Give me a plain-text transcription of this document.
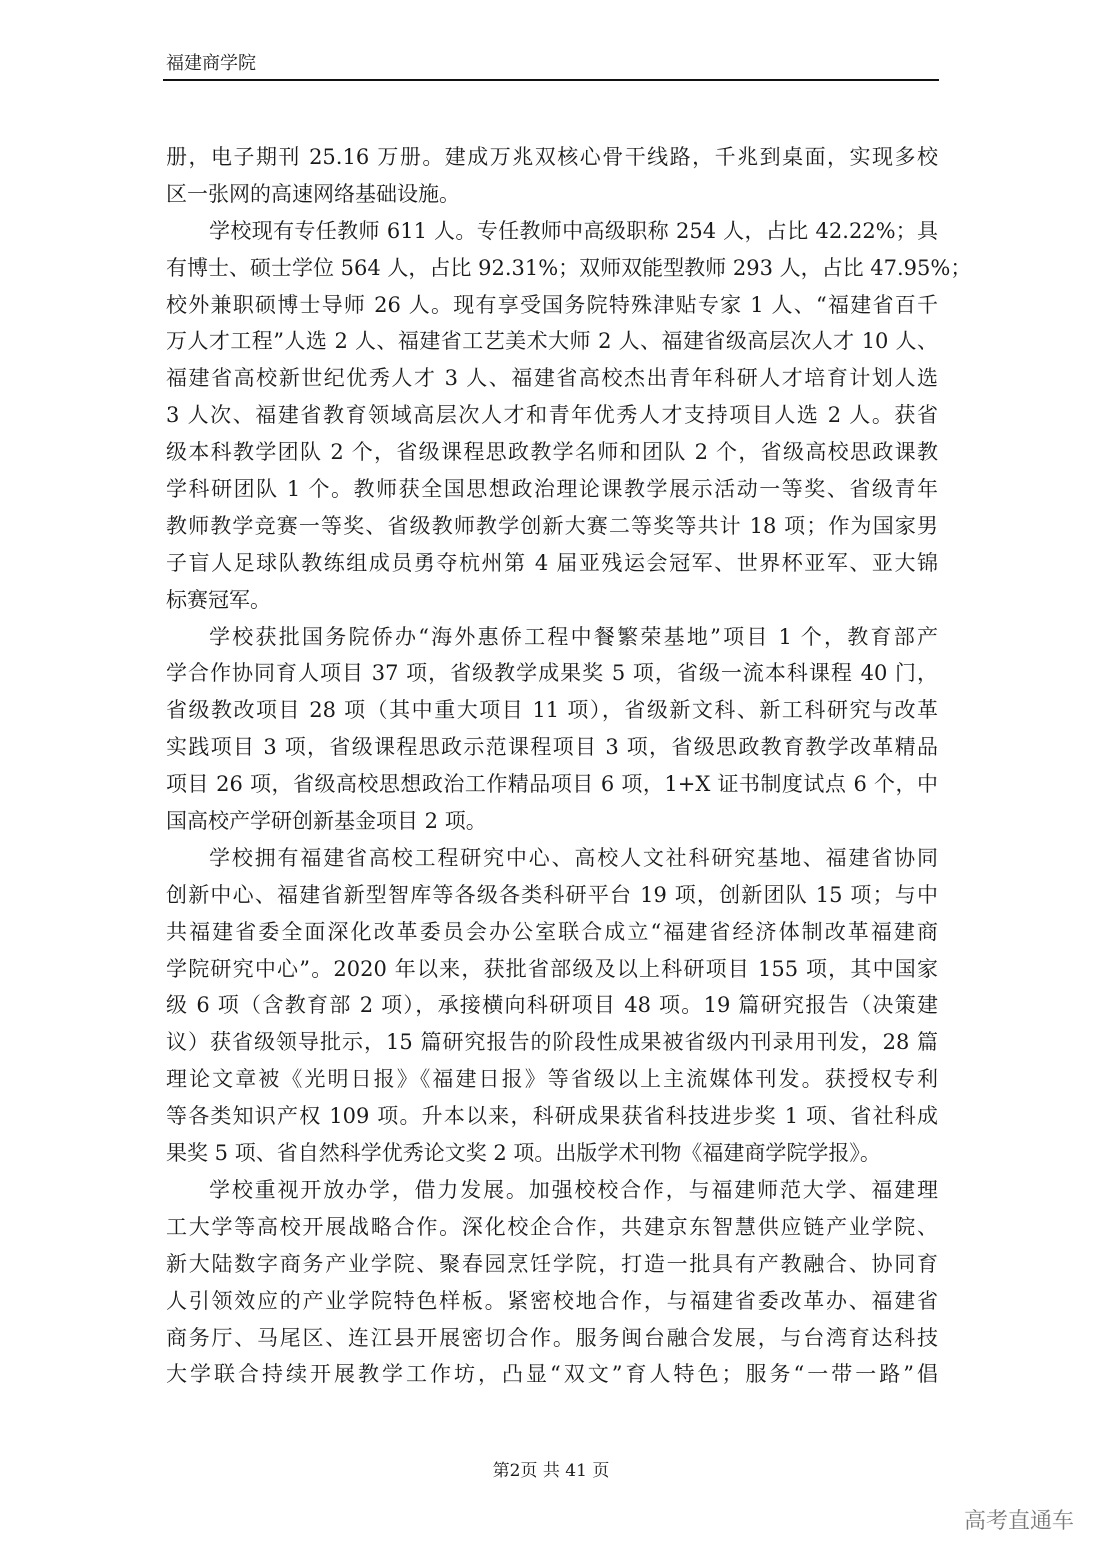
福建商学院
册，电子期刊 25.16 万册。建成万兆双核心骨干线路，千兆到桌面，实现多校
区一张网的高速网络基础设施。
学校现有专任教师 611 人。专任教师中高级职称 254 人，占比 42.22%；具
有博士、硕士学位 564 人，占比 92.31%；双师双能型教师 293 人，占比 47.95%；
校外兼职硕博士导师 26 人。现有享受国务院特殊津贴专家 1 人、“福建省百千
万人才工程”人选 2 人、福建省工艺美术大师 2 人、福建省级高层次人才 10 人、
福建省高校新世纪优秀人才 3 人、福建省高校杰出青年科研人才培育计划人选
3 人次、福建省教育领域高层次人才和青年优秀人才支持项目人选 2 人。获省
级本科教学团队 2 个，省级课程思政教学名师和团队 2 个，省级高校思政课教
学科研团队 1 个。教师获全国思想政治理论课教学展示活动一等奖、省级青年
教师教学竞赛一等奖、省级教师教学创新大赛二等奖等共计 18 项；作为国家男
子盲人足球队教练组成员勇夺杭州第 4 届亚残运会冠军、世界杯亚军、亚大锦
标赛冠军。
学校获批国务院侨办“海外惠侨工程中餐繁荣基地”项目 1 个，教育部产
学合作协同育人项目 37 项，省级教学成果奖 5 项，省级一流本科课程 40 门，
省级教改项目 28 项（其中重大项目 11 项），省级新文科、新工科研究与改革
实践项目 3 项，省级课程思政示范课程项目 3 项，省级思政教育教学改革精品
项目 26 项，省级高校思想政治工作精品项目 6 项，1+X 证书制度试点 6 个，中
国高校产学研创新基金项目 2 项。
学校拥有福建省高校工程研究中心、高校人文社科研究基地、福建省协同
创新中心、福建省新型智库等各级各类科研平台 19 项，创新团队 15 项；与中
共福建省委全面深化改革委员会办公室联合成立“福建省经济体制改革福建商
学院研究中心”。2020 年以来，获批省部级及以上科研项目 155 项，其中国家
级 6 项（含教育部 2 项），承接横向科研项目 48 项。19 篇研究报告（决策建
议）获省级领导批示，15 篇研究报告的阶段性成果被省级内刊录用刊发，28 篇
理论文章被《光明日报》《福建日报》等省级以上主流媒体刊发。获授权专利
等各类知识产权 109 项。升本以来，科研成果获省科技进步奖 1 项、省社科成
果奖 5 项、省自然科学优秀论文奖 2 项。出版学术刊物《福建商学院学报》。
学校重视开放办学，借力发展。加强校校合作，与福建师范大学、福建理
工大学等高校开展战略合作。深化校企合作，共建京东智慧供应链产业学院、
新大陆数字商务产业学院、聚春园烹饪学院，打造一批具有产教融合、协同育
人引领效应的产业学院特色样板。紧密校地合作，与福建省委改革办、福建省
商务厅、马尾区、连江县开展密切合作。服务闽台融合发展，与台湾育达科技
大学联合持续开展教学工作坊，凸显“双文”育人特色；服务“一带一路”倡
第2页 共 41 页
高考直通车
